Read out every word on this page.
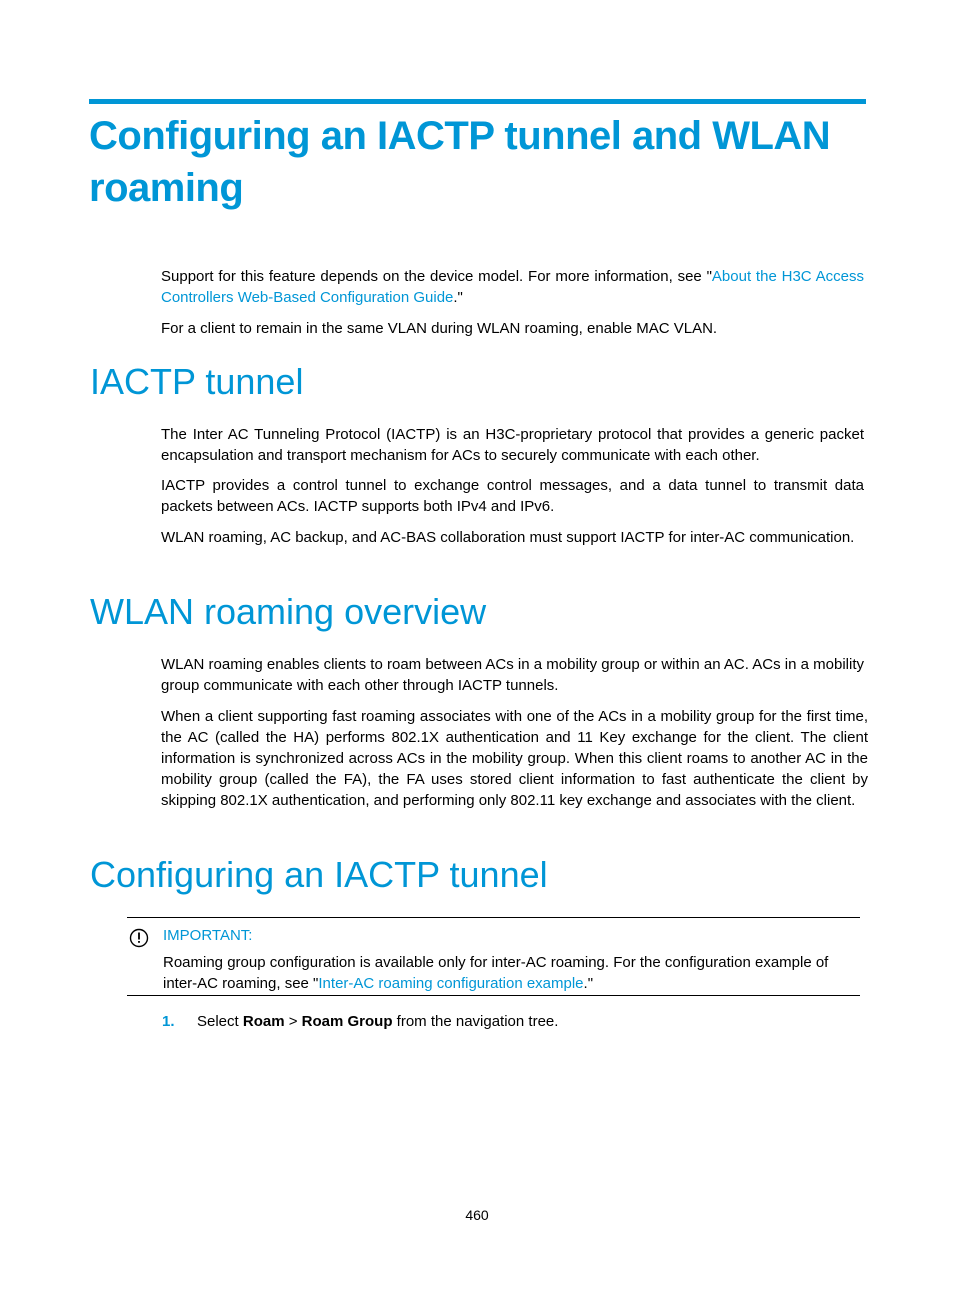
Configuring an IACTP tunnel and WLAN roaming

Support for this feature depends on the device model. For more information, see "About the H3C Access Controllers Web-Based Configuration Guide."

For a client to remain in the same VLAN during WLAN roaming, enable MAC VLAN.

IACTP tunnel

The Inter AC Tunneling Protocol (IACTP) is an H3C-proprietary protocol that provides a generic packet encapsulation and transport mechanism for ACs to securely communicate with each other.

IACTP provides a control tunnel to exchange control messages, and a data tunnel to transmit data packets between ACs. IACTP supports both IPv4 and IPv6.

WLAN roaming, AC backup, and AC-BAS collaboration must support IACTP for inter-AC communication.

WLAN roaming overview

WLAN roaming enables clients to roam between ACs in a mobility group or within an AC. ACs in a mobility group communicate with each other through IACTP tunnels.

When a client supporting fast roaming associates with one of the ACs in a mobility group for the first time, the AC (called the HA) performs 802.1X authentication and 11 Key exchange for the client. The client information is synchronized across ACs in the mobility group. When this client roams to another AC in the mobility group (called the FA), the FA uses stored client information to fast authenticate the client by skipping 802.1X authentication, and performing only 802.11 key exchange and associates with the client.

Configuring an IACTP tunnel
IMPORTANT:

Roaming group configuration is available only for inter-AC roaming. For the configuration example of inter-AC roaming, see "Inter-AC roaming configuration example."

1. Select Roam > Roam Group from the navigation tree.
460
